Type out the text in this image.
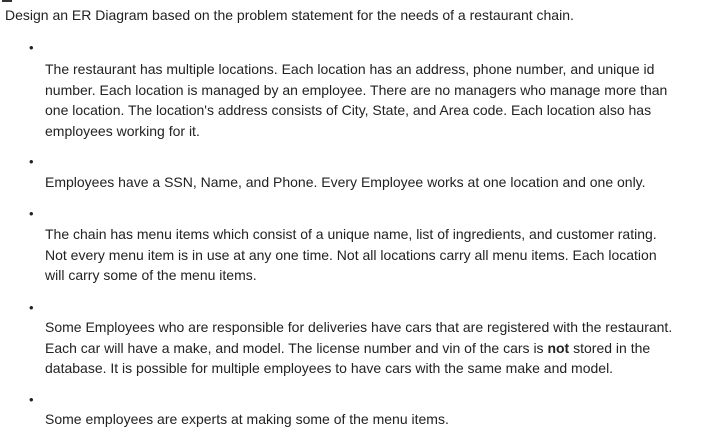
Design an ER Diagram based on the problem statement for the needs of a restaurant chain.
•
The restaurant has multiple locations. Each location has an address, phone number, and unique id
number. Each location is managed by an employee. There are no managers who manage more than
one location. The location's address consists of City, State, and Area code. Each location also has
employees working for it.
•
Employees have a SSN, Name, and Phone. Every Employee works at one location and one only.
•
The chain has menu items which consist of a unique name, list of ingredients, and customer rating.
Not every menu item is in use at any one time. Not all locations carry all menu items. Each location
will carry some of the menu items.
•
Some Employees who are responsible for deliveries have cars that are registered with the restaurant.
Each car will have a make, and model. The license number and vin of the cars is not stored in the
database. It is possible for multiple employees to have cars with the same make and model.
•
Some employees are experts at making some of the menu items.
